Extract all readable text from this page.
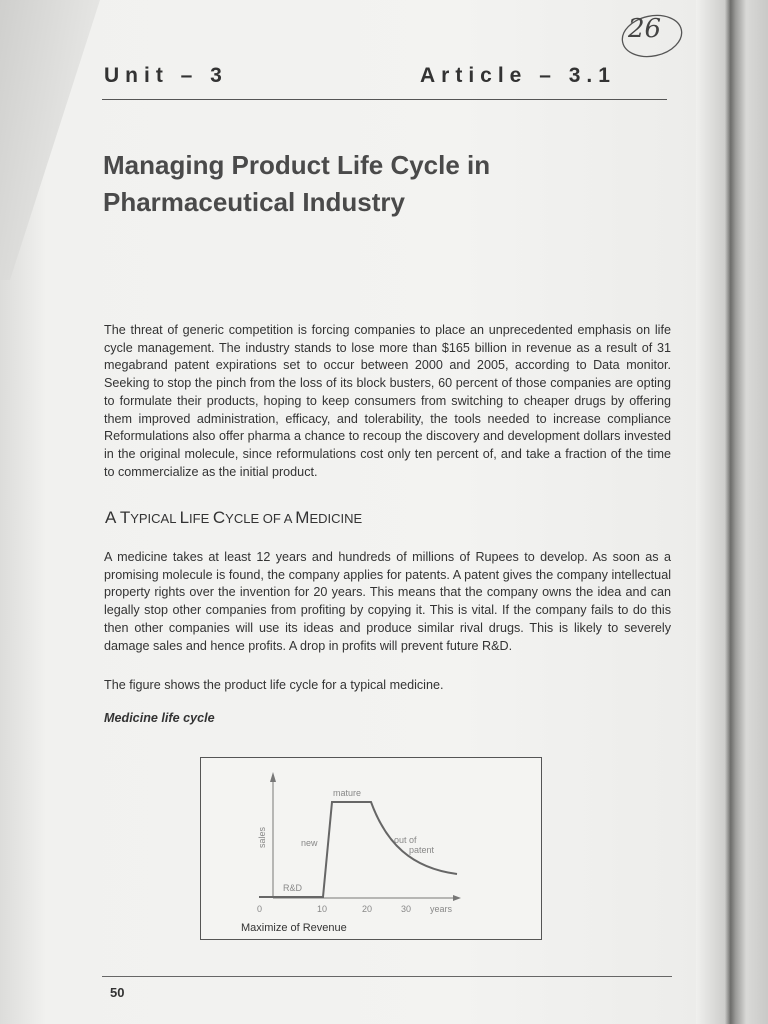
Unit – 3	Article – 3.1
26
Managing Product Life Cycle in Pharmaceutical Industry
The threat of generic competition is forcing companies to place an unprecedented emphasis on life cycle management. The industry stands to lose more than $165 billion in revenue as a result of 31 megabrand patent expirations set to occur between 2000 and 2005, according to Data monitor. Seeking to stop the pinch from the loss of its block busters, 60 percent of those companies are opting to formulate their products, hoping to keep consumers from switching to cheaper drugs by offering them improved administration, efficacy, and tolerability, the tools needed to increase compliance Reformulations also offer pharma a chance to recoup the discovery and development dollars invested in the original molecule, since reformulations cost only ten percent of, and take a fraction of the time to commercialize as the initial product.
A TYPICAL LIFE CYCLE OF A MEDICINE
A medicine takes at least 12 years and hundreds of millions of Rupees to develop. As soon as a promising molecule is found, the company applies for patents. A patent gives the company intellectual property rights over the invention for 20 years. This means that the company owns the idea and can legally stop other companies from profiting by copying it. This is vital. If the company fails to do this then other companies will use its ideas and produce similar rival drugs. This is likely to severely damage sales and hence profits. A drop in profits will prevent future R&D.
The figure shows the product life cycle for a typical medicine.
Medicine life cycle
sales
R&D
new
mature
out of
patent
0	10	20	30 years
Maximize of Revenue
50
